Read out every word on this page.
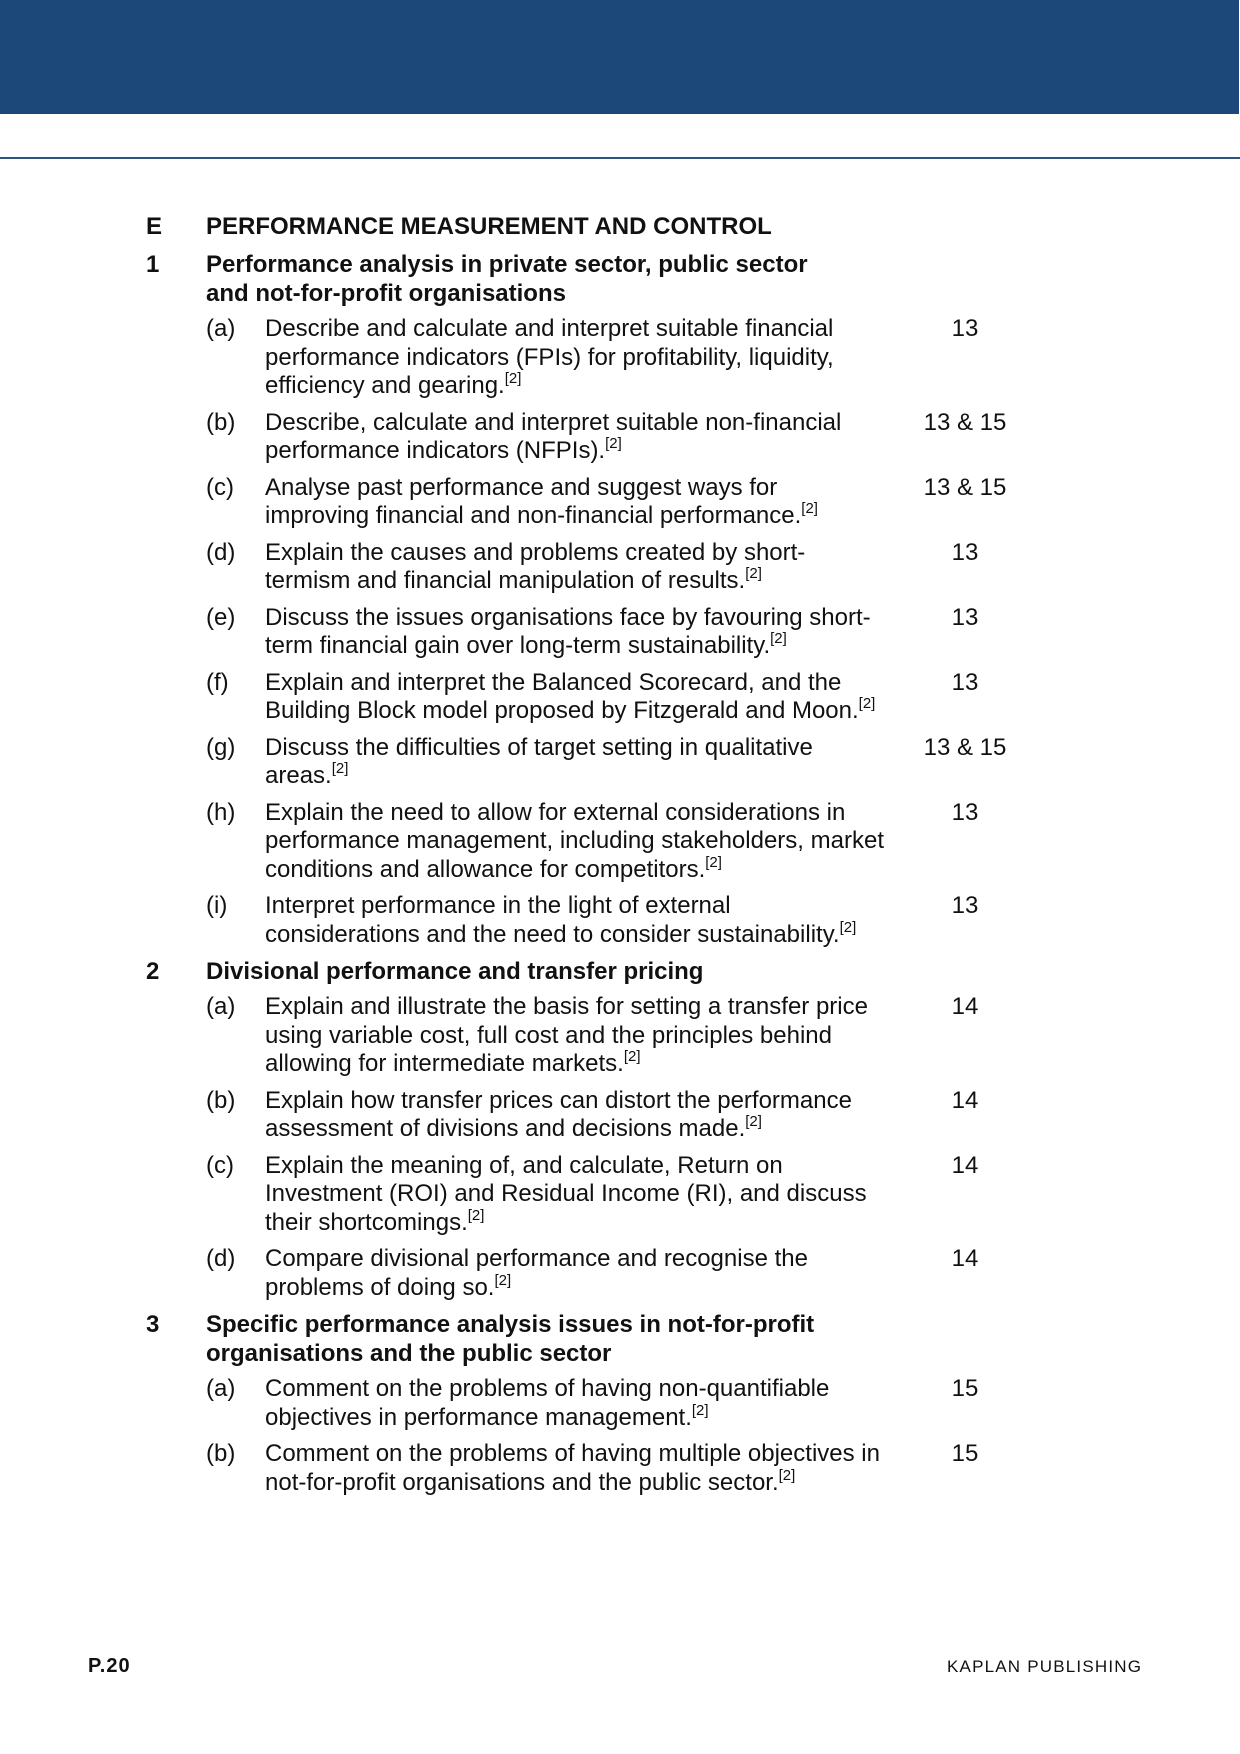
E PERFORMANCE MEASUREMENT AND CONTROL
1 Performance analysis in private sector, public sector and not-for-profit organisations
(a) Describe and calculate and interpret suitable financial performance indicators (FPIs) for profitability, liquidity, efficiency and gearing.[2]
13
(b) Describe, calculate and interpret suitable non-financial performance indicators (NFPIs).[2]
13 & 15
(c) Analyse past performance and suggest ways for improving financial and non-financial performance.[2]
13 & 15
(d) Explain the causes and problems created by short-termism and financial manipulation of results.[2]
13
(e) Discuss the issues organisations face by favouring short-term financial gain over long-term sustainability.[2]
13
(f) Explain and interpret the Balanced Scorecard, and the Building Block model proposed by Fitzgerald and Moon.[2]
13
(g) Discuss the difficulties of target setting in qualitative areas.[2]
13 & 15
(h) Explain the need to allow for external considerations in performance management, including stakeholders, market conditions and allowance for competitors.[2]
13
(i) Interpret performance in the light of external considerations and the need to consider sustainability.[2]
13
2 Divisional performance and transfer pricing
(a) Explain and illustrate the basis for setting a transfer price using variable cost, full cost and the principles behind allowing for intermediate markets.[2]
14
(b) Explain how transfer prices can distort the performance assessment of divisions and decisions made.[2]
14
(c) Explain the meaning of, and calculate, Return on Investment (ROI) and Residual Income (RI), and discuss their shortcomings.[2]
14
(d) Compare divisional performance and recognise the problems of doing so.[2]
14
3 Specific performance analysis issues in not-for-profit organisations and the public sector
(a) Comment on the problems of having non-quantifiable objectives in performance management.[2]
15
(b) Comment on the problems of having multiple objectives in not-for-profit organisations and the public sector.[2]
15
P.20	KAPLAN PUBLISHING
